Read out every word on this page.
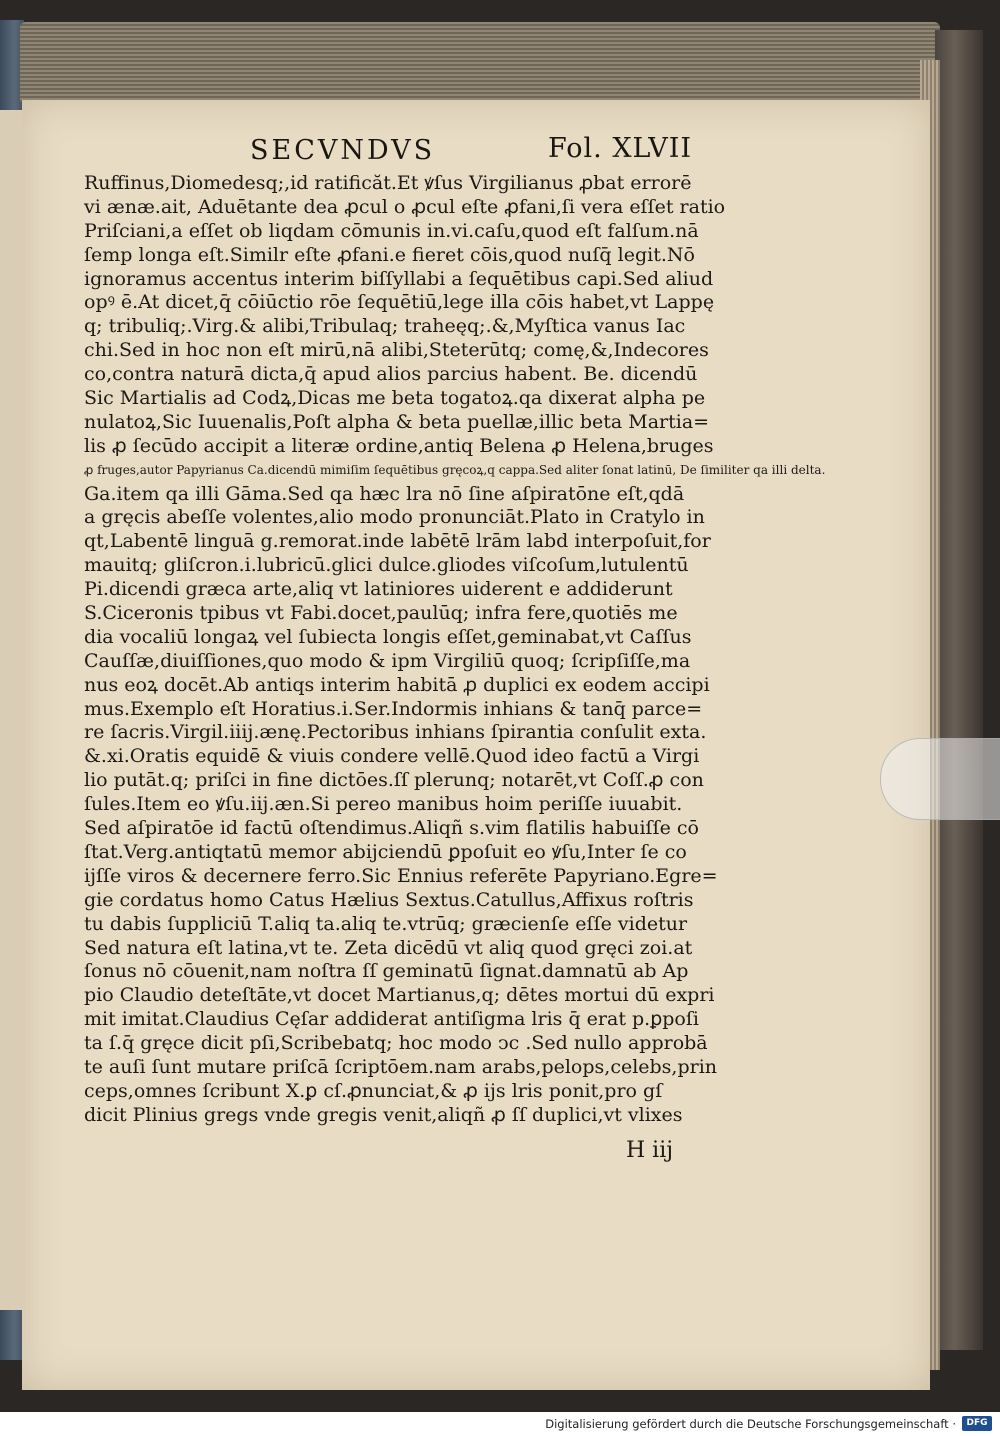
SECVNDVS	Fol. XLVII
Ruffinus,Diomedesq;,id ratificăt.Et ꝟſus Virgilianus ꝓbat errorē
vi ænæ.ait, Aduētante dea ꝓcul o ꝓcul eſte ꝓfani,ſi vera eſſet ratio
Priſciani,a eſſet ob liqdam cōmunis in.vi.caſu,quod eſt falſum.nā
ſemp longa eſt.Similr eſte ꝓfani.e fieret cōis,quod nuſq̄ legit.Nō
ignoramus accentus interim biſſyllabi a ſequētibus capi.Sed aliud
opꝰ ē.At dicet,q̄ cōiūctio rōe ſequētiū,lege illa cōis habet,vt Lappę
q; tribuliq;.Virg.& alibi,Tribulaq; traheęq;.&,Myſtica vanus Iac
chi.Sed in hoc non eſt mirū,nā alibi,Steterūtq; comę,&,Indecores
co,contra naturā dicta,q̄ apud alios parcius habent. Be. dicendū
Sic Martialis ad Codꝝ,Dicas me beta togatoꝝ.qa dixerat alpha pe
nulatoꝝ,Sic Iuuenalis,Poſt alpha & beta puellæ,illic beta Martia=
lis ꝓ ſecūdo accipit a literæ ordine,antiq Belena ꝓ Helena,bruges
ꝓ fruges,autor Papyrianus Ca.dicendū mimiſim ſequētibus gręcoꝝ,q cappa.Sed aliter ſonat latinū, De ſimiliter qa illi delta.
Ga.item qa illi Gāma.Sed qa hæc lra nō ſine aſpiratōne eſt,qdā
a gręcis abeſſe volentes,alio modo pronunciāt.Plato in Cratylo in
qt,Labentē linguā g.remorat.inde labētē lrām labd interpoſuit,for
mauitq; gliſcron.i.lubricū.glici dulce.gliodes viſcoſum,lutulentū
Pi.dicendi græca arte,aliq vt latiniores uiderent e addiderunt
S.Ciceronis tpibus vt Fabi.docet,paulūq; infra fere,quotiēs me
dia vocaliū longaꝝ vel ſubiecta longis eſſet,geminabat,vt Caſſus
Cauſſæ,diuiſſiones,quo modo & ipm Virgiliū quoq; ſcripſiſſe,ma
nus eoꝝ docēt.Ab antiqs interim habitā ꝓ duplici ex eodem accipi
mus.Exemplo eſt Horatius.i.Ser.Indormis inhians & tanq̄ parce=
re ſacris.Virgil.iiij.ænę.Pectoribus inhians ſpirantia conſulit exta.
&.xi.Oratis equidē & viuis condere vellē.Quod ideo factū a Virgi
lio putāt.q; priſci in fine dictōes.ſſ plerunq; notarēt,vt Coſſ.ꝓ con
ſules.Item eo ꝟſu.iij.æn.Si pereo manibus hoim periſſe iuuabit.
Sed aſpiratōe id factū oſtendimus.Aliqñ s.vim flatilis habuiſſe cō
ſtat.Verg.antiqtatū memor abijciendū ꝑpoſuit eo ꝟſu,Inter ſe co
ijſſe viros & decernere ferro.Sic Ennius referēte Papyriano.Egre=
gie cordatus homo Catus Hælius Sextus.Catullus,Affixus roſtris
tu dabis ſuppliciū T.aliq ta.aliq te.vtrūq; græcienſe eſſe videtur
Sed natura eſt latina,vt te. Zeta dicēdū vt aliq quod gręci zoi.at
ſonus nō cōuenit,nam noſtra ſſ geminatū ſignat.damnatū ab Ap
pio Claudio deteſtāte,vt docet Martianus,q; dētes mortui dū expri
mit imitat.Claudius Cęſar addiderat antiſigma lris q̄ erat p.ꝑpoſi
ta ſ.q̄ gręce dicit pſi,Scribebatq; hoc modo ͻc .Sed nullo approbā
te auſi ſunt mutare priſcā ſcriptōem.nam arabs,pelops,celebs,prin
ceps,omnes ſcribunt X.ꝑ cſ.ꝓnunciat,& ꝓ ijs lris ponit,pro gſ
dicit Plinius gregs vnde gregis venit,aliqñ ꝓ ſſ duplici,vt vlixes
H iij
Digitalisierung gefördert durch die Deutsche Forschungsgemeinschaft ·	DFG
